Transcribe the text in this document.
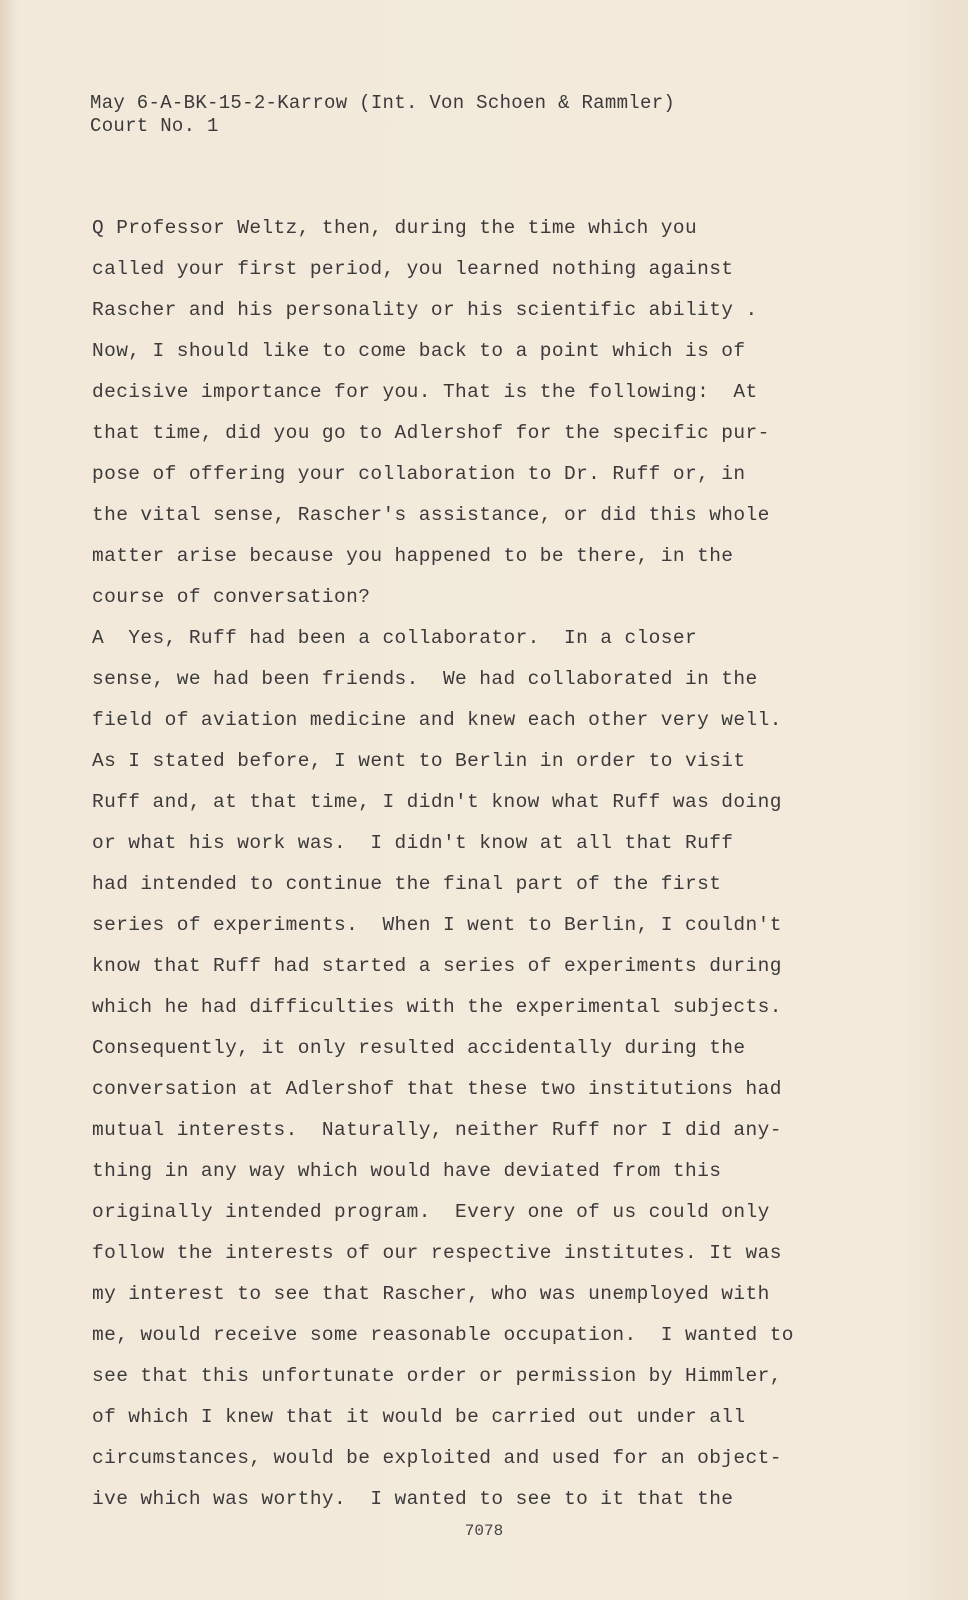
May 6-A-BK-15-2-Karrow (Int. Von Schoen & Rammler)
Court No. 1
Q Professor Weltz, then, during the time which you
called your first period, you learned nothing against
Rascher and his personality or his scientific ability .
Now, I should like to come back to a point which is of
decisive importance for you. That is the following:  At
that time, did you go to Adlershof for the specific pur-
pose of offering your collaboration to Dr. Ruff or, in
the vital sense, Rascher's assistance, or did this whole
matter arise because you happened to be there, in the
course of conversation?
A  Yes, Ruff had been a collaborator.  In a closer
sense, we had been friends.  We had collaborated in the
field of aviation medicine and knew each other very well.
As I stated before, I went to Berlin in order to visit
Ruff and, at that time, I didn't know what Ruff was doing
or what his work was.  I didn't know at all that Ruff
had intended to continue the final part of the first
series of experiments.  When I went to Berlin, I couldn't
know that Ruff had started a series of experiments during
which he had difficulties with the experimental subjects.
Consequently, it only resulted accidentally during the
conversation at Adlershof that these two institutions had
mutual interests.  Naturally, neither Ruff nor I did any-
thing in any way which would have deviated from this
originally intended program.  Every one of us could only
follow the interests of our respective institutes. It was
my interest to see that Rascher, who was unemployed with
me, would receive some reasonable occupation.  I wanted to
see that this unfortunate order or permission by Himmler,
of which I knew that it would be carried out under all
circumstances, would be exploited and used for an object-
ive which was worthy.  I wanted to see to it that the
7078
